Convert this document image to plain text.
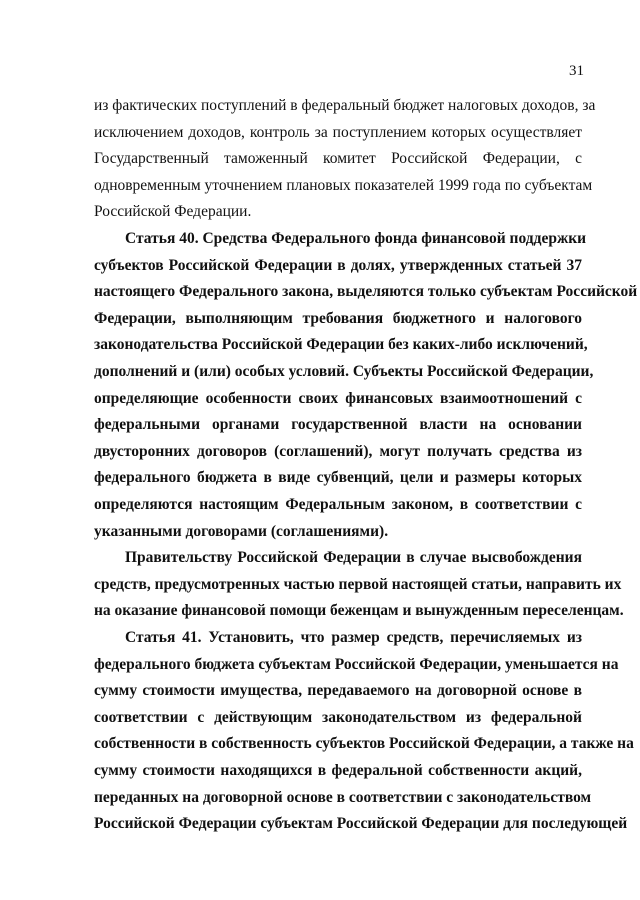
31
из фактических поступлений в федеральный бюджет налоговых доходов, за
исключением доходов, контроль за поступлением которых осуществляет
Государственный таможенный комитет Российской Федерации, с
одновременным уточнением плановых показателей 1999 года по субъектам
Российской Федерации.
Статья 40. Средства Федерального фонда финансовой поддержки
субъектов Российской Федерации в долях, утвержденных статьей 37
настоящего Федерального закона, выделяются только субъектам Российской
Федерации, выполняющим требования бюджетного и налогового
законодательства Российской Федерации без каких-либо исключений,
дополнений и (или) особых условий. Субъекты Российской Федерации,
определяющие особенности своих финансовых взаимоотношений с
федеральными органами государственной власти на основании
двусторонних договоров (соглашений), могут получать средства из
федерального бюджета в виде субвенций, цели и размеры которых
определяются настоящим Федеральным законом, в соответствии с
указанными договорами (соглашениями).
Правительству Российской Федерации в случае высвобождения
средств, предусмотренных частью первой настоящей статьи, направить их
на оказание финансовой помощи беженцам и вынужденным переселенцам.
Статья 41. Установить, что размер средств, перечисляемых из
федерального бюджета субъектам Российской Федерации, уменьшается на
сумму стоимости имущества, передаваемого на договорной основе в
соответствии с действующим законодательством из федеральной
собственности в собственность субъектов Российской Федерации, а также на
сумму стоимости находящихся в федеральной собственности акций,
переданных на договорной основе в соответствии с законодательством
Российской Федерации субъектам Российской Федерации для последующей
